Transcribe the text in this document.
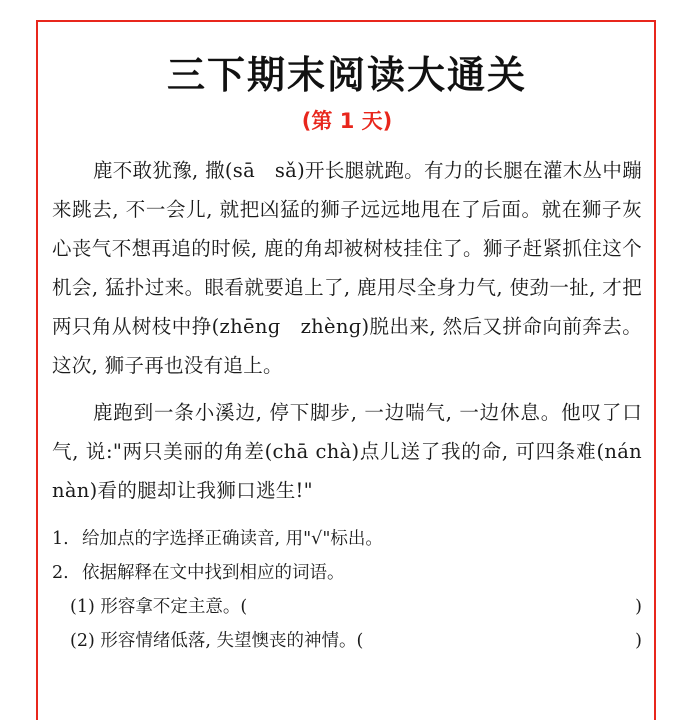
三下期末阅读大通关
(第 1 天)

鹿不敢犹豫, 撒(sā　sǎ)开长腿就跑。有力的长腿在灌木丛中蹦来跳去, 不一会儿, 就把凶猛的狮子远远地甩在了后面。就在狮子灰心丧气不想再追的时候, 鹿的角却被树枝挂住了。狮子赶紧抓住这个机会, 猛扑过来。眼看就要追上了, 鹿用尽全身力气, 使劲一扯, 才把两只角从树枝中挣(zhēnɡ　zhènɡ)脱出来, 然后又拼命向前奔去。这次, 狮子再也没有追上。

鹿跑到一条小溪边, 停下脚步, 一边喘气, 一边休息。他叹了口气, 说:"两只美丽的角差(chā chà)点儿送了我的命, 可四条难(nán nàn)看的腿却让我狮口逃生!"

1. 给加点的字选择正确读音, 用"√"标出。
2. 依据解释在文中找到相应的词语。
(1) 形容拿不定主意。(	)
(2) 形容情绪低落, 失望懊丧的神情。(	)
